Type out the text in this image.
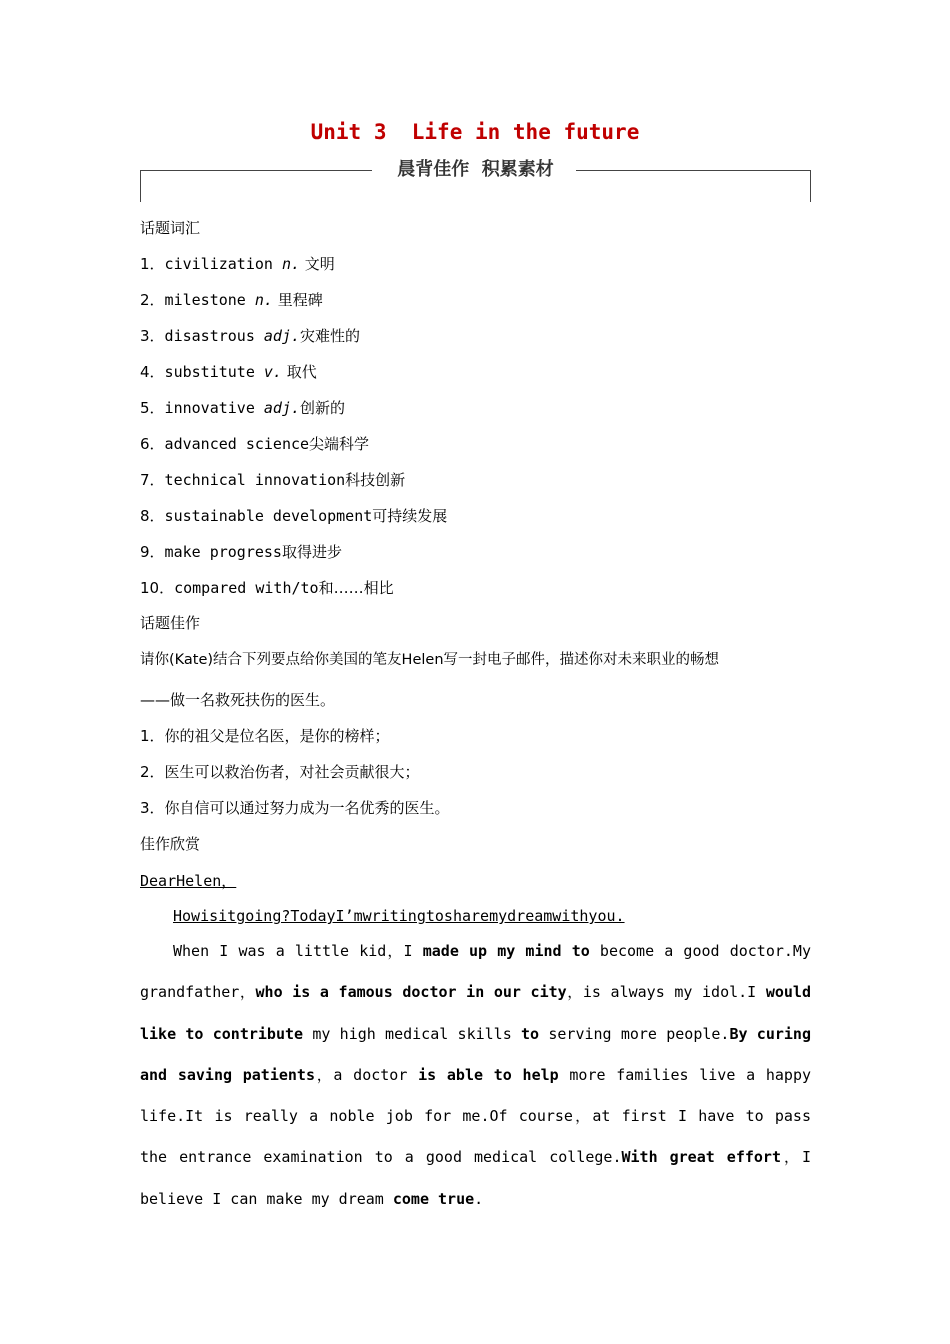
Unit 3  Life in the future
晨背佳作  积累素材
话题词汇
1．civilization n. 文明
2．milestone n. 里程碑
3．disastrous adj.灾难性的
4．substitute v. 取代
5．innovative adj.创新的
6．advanced science尖端科学
7．technical innovation科技创新
8．sustainable development可持续发展
9．make progress取得进步
10．compared with/to和……相比
话题佳作
请你(Kate)结合下列要点给你美国的笔友Helen写一封电子邮件，描述你对未来职业的畅想
——做一名救死扶伤的医生。
1．你的祖父是位名医，是你的榜样；
2．医生可以救治伤者，对社会贡献很大；
3．你自信可以通过努力成为一名优秀的医生。
佳作欣赏
DearHelen，
Howisitgoing?TodayI’mwritingtosharemydreamwithyou.
When I was a little kid，I made up my mind to become a good doctor.My grandfather，who is a famous doctor in our city，is always my idol.I would like to contribute my high medical skills to serving more people.By curing and saving patients，a doctor is able to help more families live a happy life.It is really a noble job for me.Of course，at first I have to pass the entrance examination to a good medical college.With great effort，I believe I can make my dream come true.
